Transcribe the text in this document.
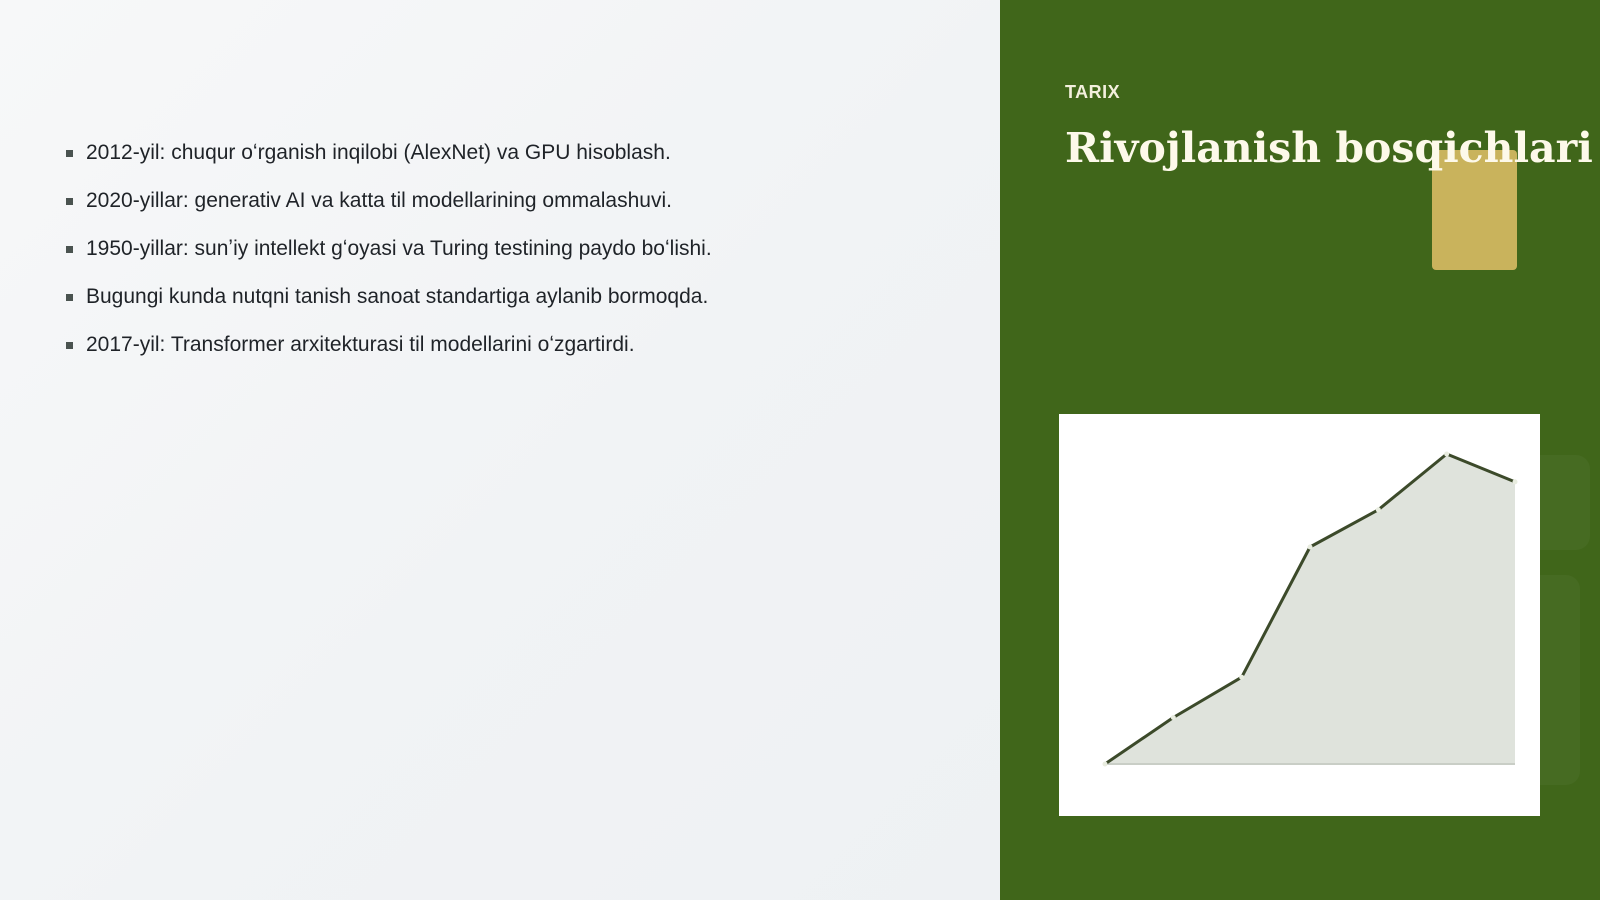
2012-yil: chuqur oʻrganish inqilobi (AlexNet) va GPU hisoblash.
2020-yillar: generativ AI va katta til modellarining ommalashuvi.
1950-yillar: sunʼiy intellekt gʻoyasi va Turing testining paydo boʻlishi.
Bugungi kunda nutqni tanish sanoat standartiga aylanib bormoqda.
2017-yil: Transformer arxitekturasi til modellarini oʻzgartirdi.
TARIX
Rivojlanish bosqichlari
